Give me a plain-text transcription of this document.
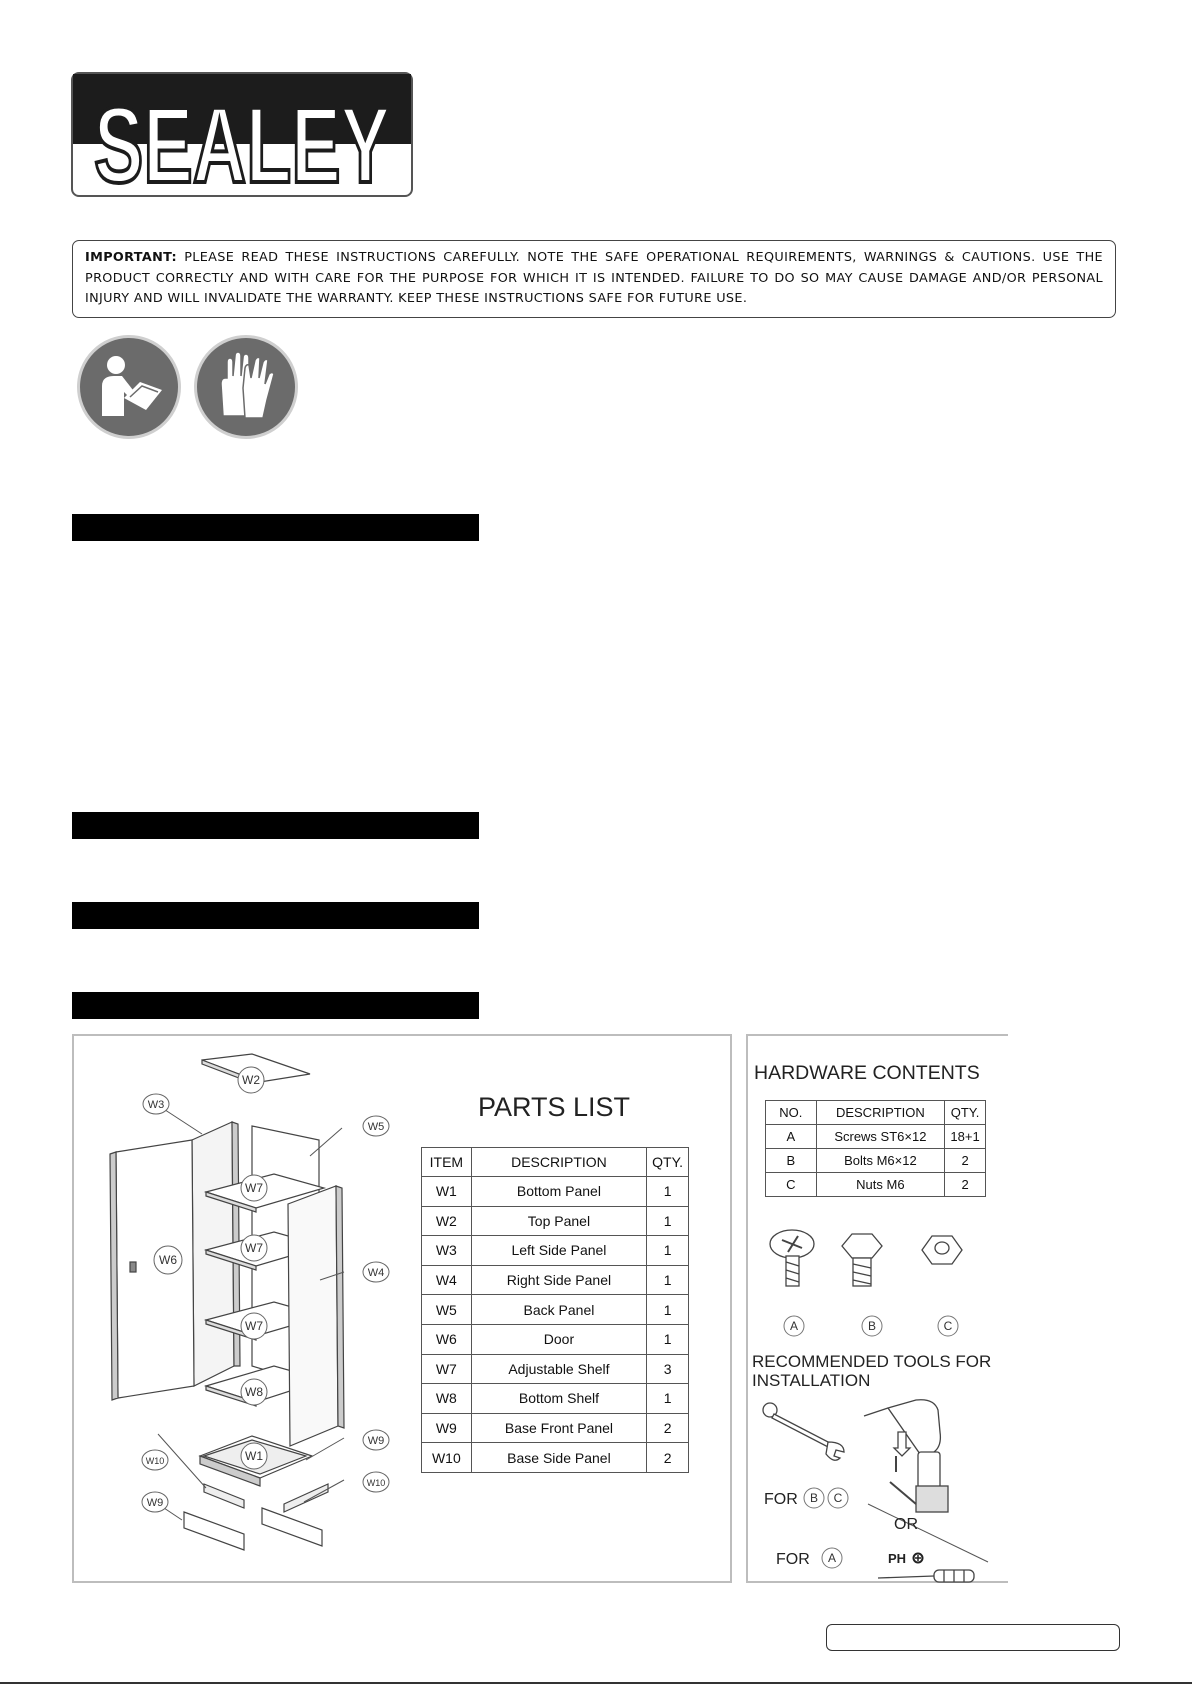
SEALEY
IMPORTANT: PLEASE READ THESE INSTRUCTIONS CAREFULLY. NOTE THE SAFE OPERATIONAL REQUIREMENTS, WARNINGS & CAUTIONS. USE THE PRODUCT CORRECTLY AND WITH CARE FOR THE PURPOSE FOR WHICH IT IS INTENDED. FAILURE TO DO SO MAY CAUSE DAMAGE AND/OR PERSONAL INJURY AND WILL INVALIDATE THE WARRANTY. KEEP THESE INSTRUCTIONS SAFE FOR FUTURE USE.
W2
W3
W5
W7
W7
W7
W8
W6
W4
W1
W9
W10
W10
W9
PARTS LIST
ITEM	DESCRIPTION	QTY.
W1	Bottom Panel	1
W2	Top Panel	1
W3	Left Side Panel	1
W4	Right Side Panel	1
W5	Back Panel	1
W6	Door	1
W7	Adjustable Shelf	3
W8	Bottom Shelf	1
W9	Base Front Panel	2
W10	Base Side Panel	2
HARDWARE CONTENTS
NO.	DESCRIPTION	QTY.
A	Screws ST6×12	18+1
B	Bolts M6×12	2
C	Nuts M6	2
A	B	C
RECOMMENDED TOOLS FOR
INSTALLATION
FOR B C
OR
FOR A	PH
